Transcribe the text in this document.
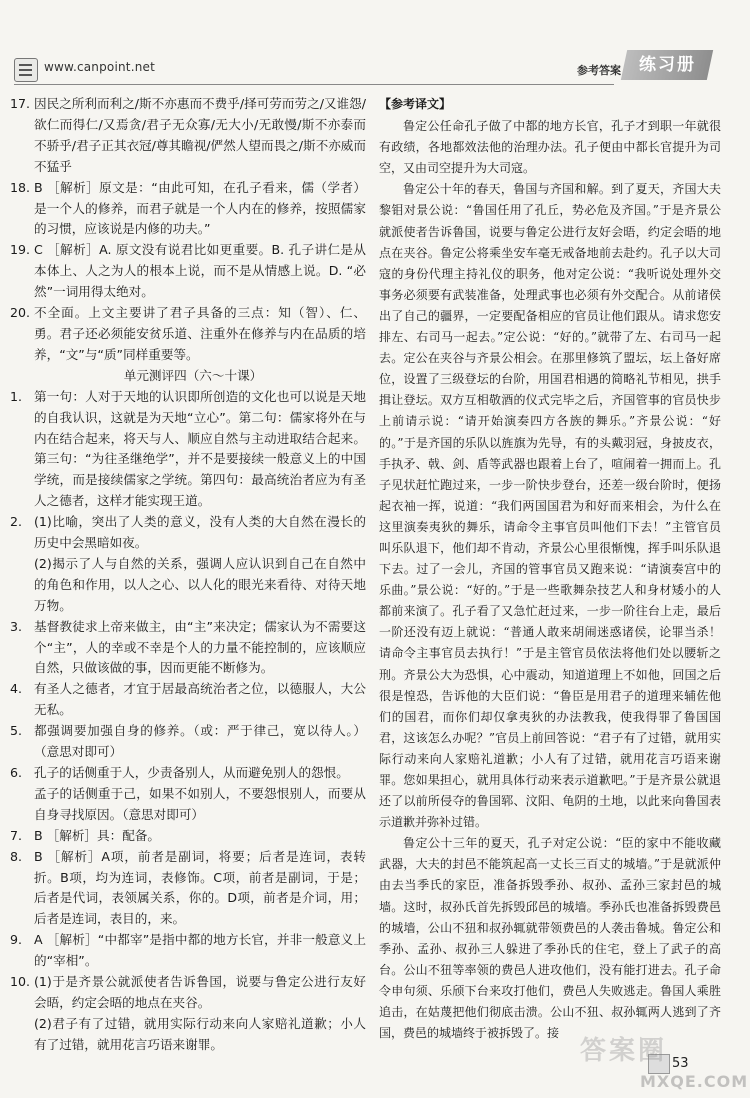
www.canpoint.net	参考答案	练习册
17. 因民之所利而利之/斯不亦惠而不费乎/择可劳而劳之/又谁怨/欲仁而得仁/又焉贪/君子无众寡/无大小/无敢慢/斯不亦泰而不骄乎/君子正其衣冠/尊其瞻视/俨然人望而畏之/斯不亦威而不猛乎
18. B ［解析］原文是：“由此可知，在孔子看来，儒（学者）是一个人的修养，而君子就是一个人内在的修养，按照儒家的习惯，应该说是内修的功夫。”
19. C ［解析］A. 原文没有说君比如更重要。B. 孔子讲仁是从本体上、人之为人的根本上说，而不是从情感上说。D. “必然”一词用得太绝对。
20. 不全面。上文主要讲了君子具备的三点：知（智）、仁、勇。君子还必须能安贫乐道、注重外在修养与内在品质的培养，“文”与“质”同样重要等。
单元测评四（六～十课）
1. 第一句：人对于天地的认识即所创造的文化也可以说是天地的自我认识，这就是为天地“立心”。第二句：儒家将外在与内在结合起来，将天与人、顺应自然与主动进取结合起来。第三句：“为往圣继绝学”，并不是要接续一般意义上的中国学统，而是接续儒家之学统。第四句：最高统治者应为有圣人之德者，这样才能实现王道。
2. (1)比喻，突出了人类的意义，没有人类的大自然在漫长的历史中会黑暗如夜。

(2)揭示了人与自然的关系，强调人应认识到自己在自然中的角色和作用，以人之心、以人化的眼光来看待、对待天地万物。

3. 基督教徒求上帝来做主，由“主”来决定；儒家认为不需要这个“主”，人的幸或不幸是个人的力量不能控制的，应该顺应自然，只做该做的事，因而更能不断修为。
4. 有圣人之德者，才宜于居最高统治者之位，以德服人，大公无私。
5. 都强调要加强自身的修养。（或：严于律己，宽以待人。）（意思对即可）
6. 孔子的话侧重于人，少责备别人，从而避免别人的怨恨。

孟子的话侧重于己，如果不如别人，不要怨恨别人，而要从自身寻找原因。（意思对即可）

7. B ［解析］具：配备。
8. B ［解析］A项，前者是副词，将要；后者是连词，表转折。B项，均为连词，表修饰。C项，前者是副词，于是；后者是代词，表领属关系，你的。D项，前者是介词，用；后者是连词，表目的，来。
9. A ［解析］“中都宰”是指中都的地方长官，并非一般意义上的“宰相”。
10. (1)于是齐景公就派使者告诉鲁国，说要与鲁定公进行友好会晤，约定会晤的地点在夹谷。

(2)君子有了过错，就用实际行动来向人家赔礼道歉；小人有了过错，就用花言巧语来谢罪。

【参考译文】

鲁定公任命孔子做了中都的地方长官，孔子才到职一年就很有政绩，各地都效法他的治理办法。孔子便由中都长官提升为司空，又由司空提升为大司寇。

鲁定公十年的春天，鲁国与齐国和解。到了夏天，齐国大夫黎钼对景公说：“鲁国任用了孔丘，势必危及齐国。”于是齐景公就派使者告诉鲁国，说要与鲁定公进行友好会晤，约定会晤的地点在夹谷。鲁定公将乘坐安车毫无戒备地前去赴约。孔子以大司寇的身份代理主持礼仪的职务，他对定公说：“我听说处理外交事务必须要有武装准备，处理武事也必须有外交配合。从前诸侯出了自己的疆界，一定要配备相应的官员让他们跟从。请求您安排左、右司马一起去。”定公说：“好的。”就带了左、右司马一起去。定公在夹谷与齐景公相会。在那里修筑了盟坛，坛上备好席位，设置了三级登坛的台阶，用国君相遇的简略礼节相见，拱手揖让登坛。双方互相敬酒的仪式完毕之后，齐国管事的官员快步上前请示说：“请开始演奏四方各族的舞乐。”齐景公说：“好的。”于是齐国的乐队以旌旗为先导，有的头戴羽冠，身披皮衣，手执矛、戟、剑、盾等武器也跟着上台了，喧闹着一拥而上。孔子见状赶忙跑过来，一步一阶快步登台，还差一级台阶时，便扬起衣袖一挥，说道：“我们两国国君为和好而来相会，为什么在这里演奏夷狄的舞乐，请命令主事官员叫他们下去！”主管官员叫乐队退下，他们却不肯动，齐景公心里很惭愧，挥手叫乐队退下去。过了一会儿，齐国的管事官员又跑来说：“请演奏宫中的乐曲。”景公说：“好的。”于是一些歌舞杂技艺人和身材矮小的人都前来演了。孔子看了又急忙赶过来，一步一阶往台上走，最后一阶还没有迈上就说：“普通人敢来胡闹迷惑诸侯，论罪当杀！请命令主事官员去执行！”于是主管官员依法将他们处以腰斩之刑。齐景公大为恐惧，心中震动，知道道理上不如他，回国之后很是惶恐，告诉他的大臣们说：“鲁臣是用君子的道理来辅佐他们的国君，而你们却仅拿夷狄的办法教我，使我得罪了鲁国国君，这该怎么办呢？”官员上前回答说：“君子有了过错，就用实际行动来向人家赔礼道歉；小人有了过错，就用花言巧语来谢罪。您如果担心，就用具体行动来表示道歉吧。”于是齐景公就退还了以前所侵夺的鲁国郓、汶阳、龟阴的土地，以此来向鲁国表示道歉并弥补过错。

鲁定公十三年的夏天，孔子对定公说：“臣的家中不能收藏武器，大夫的封邑不能筑起高一丈长三百丈的城墙。”于是就派仲由去当季氏的家臣，准备拆毁季孙、叔孙、孟孙三家封邑的城墙。这时，叔孙氏首先拆毁邱邑的城墙。季孙氏也准备拆毁费邑的城墙，公山不狃和叔孙辄就带领费邑的人袭击鲁城。鲁定公和季孙、孟孙、叔孙三人躲进了季孙氏的住宅，登上了武子的高台。公山不狃等率领的费邑人进攻他们，没有能打进去。孔子命令申句须、乐颀下台来攻打他们，费邑人失败逃走。鲁国人乘胜追击，在姑蔑把他们彻底击溃。公山不狃、叔孙辄两人逃到了齐国，费邑的城墙终于被拆毁了。接

53
答案圈
MXQE.COM
